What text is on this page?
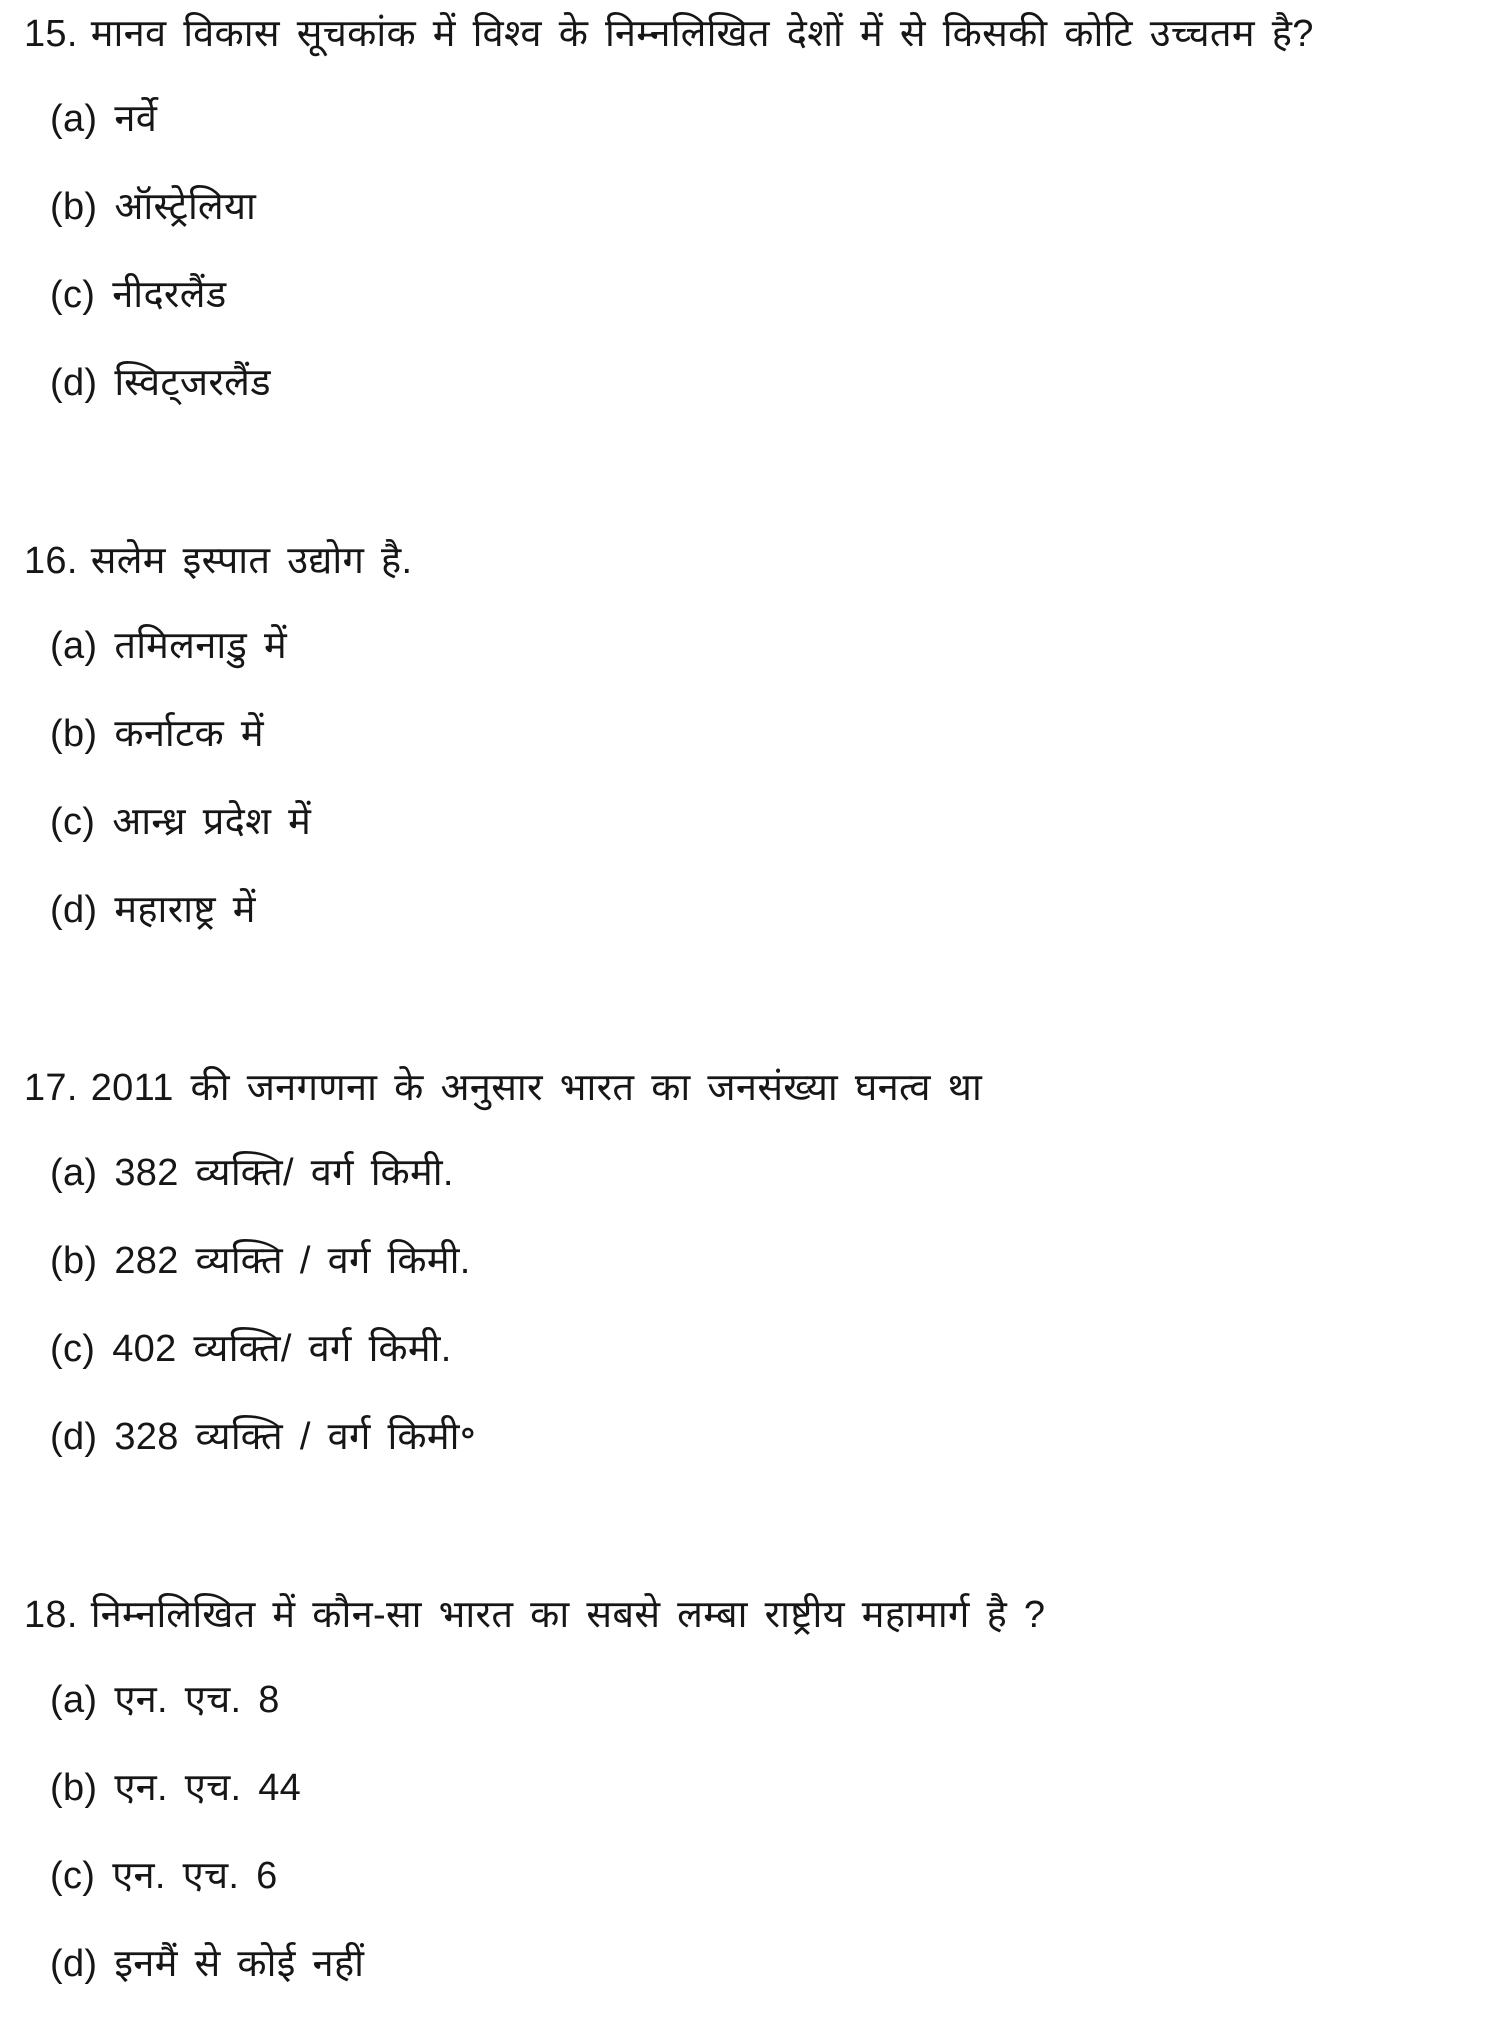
15. मानव विकास सूचकांक में विश्व के निम्नलिखित देशों में से किसकी कोटि उच्चतम है?

(a) नर्वे
(b) ऑस्ट्रेलिया
(c) नीदरलैंड
(d) स्विट्जरलैंड

16. सलेम इस्पात उद्योग है.

(a) तमिलनाडु में
(b) कर्नाटक में
(c) आन्ध्र प्रदेश में
(d) महाराष्ट्र में

17. 2011 की जनगणना के अनुसार भारत का जनसंख्या घनत्व था

(a) 382 व्यक्ति/ वर्ग किमी.
(b) 282 व्यक्ति / वर्ग किमी.
(c) 402 व्यक्ति/ वर्ग किमी.
(d) 328 व्यक्ति / वर्ग किमी॰

18. निम्नलिखित में कौन-सा भारत का सबसे लम्बा राष्ट्रीय महामार्ग है ?

(a) एन. एच. 8
(b) एन. एच. 44
(c) एन. एच. 6
(d) इनमैं से कोई नहीं
